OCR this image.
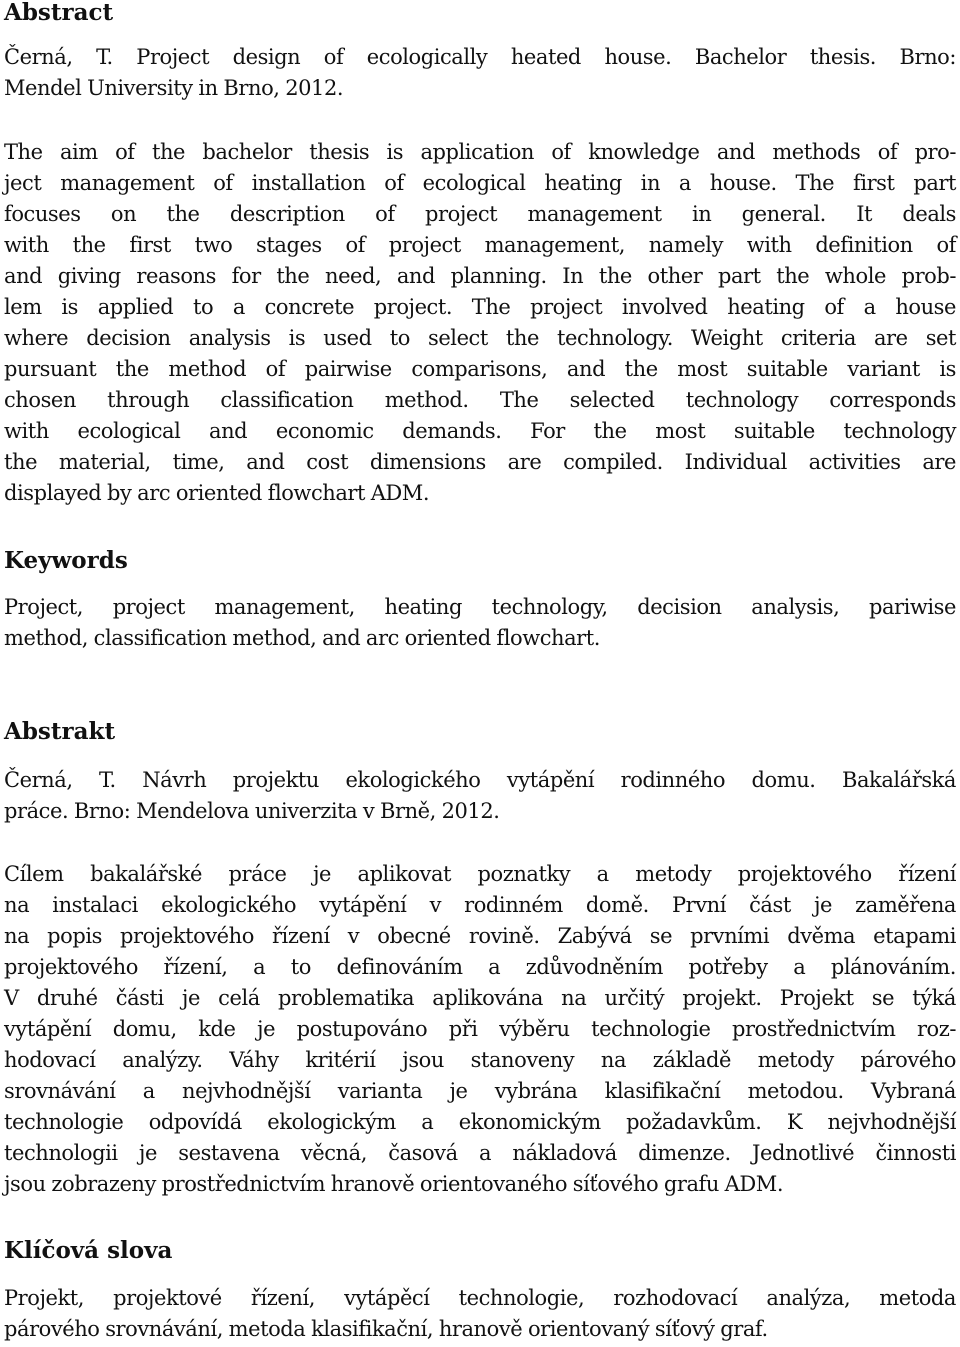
Abstract

Černá, T. Project design of ecologically heated house. Bachelor thesis. Brno:
Mendel University in Brno, 2012.

The aim of the bachelor thesis is application of knowledge and methods of pro-
ject management of installation of ecological heating in a house. The first part
focuses on the description of project management in general. It deals
with the first two stages of project management, namely with definition of
and giving reasons for the need, and planning. In the other part the whole prob-
lem is applied to a concrete project. The project involved heating of a house
where decision analysis is used to select the technology. Weight criteria are set
pursuant the method of pairwise comparisons, and the most suitable variant is
chosen through classification method. The selected technology corresponds
with ecological and economic demands. For the most suitable technology
the material, time, and cost dimensions are compiled. Individual activities are
displayed by arc oriented flowchart ADM.

Keywords

Project, project management, heating technology, decision analysis, pariwise
method, classification method, and arc oriented flowchart.

Abstrakt

Černá, T. Návrh projektu ekologického vytápění rodinného domu. Bakalářská
práce. Brno: Mendelova univerzita v Brně, 2012.

Cílem bakalářské práce je aplikovat poznatky a metody projektového řízení
na instalaci ekologického vytápění v rodinném domě. První část je zaměřena
na popis projektového řízení v obecné rovině. Zabývá se prvními dvěma etapami
projektového řízení, a to definováním a zdůvodněním potřeby a plánováním.
V druhé části je celá problematika aplikována na určitý projekt. Projekt se týká
vytápění domu, kde je postupováno při výběru technologie prostřednictvím roz-
hodovací analýzy. Váhy kritérií jsou stanoveny na základě metody párového
srovnávání a nejvhodnější varianta je vybrána klasifikační metodou. Vybraná
technologie odpovídá ekologickým a ekonomickým požadavkům. K nejvhodnější
technologii je sestavena věcná, časová a nákladová dimenze. Jednotlivé činnosti
jsou zobrazeny prostřednictvím hranově orientovaného síťového grafu ADM.

Klíčová slova

Projekt, projektové řízení, vytápěcí technologie, rozhodovací analýza, metoda
párového srovnávání, metoda klasifikační, hranově orientovaný síťový graf.
